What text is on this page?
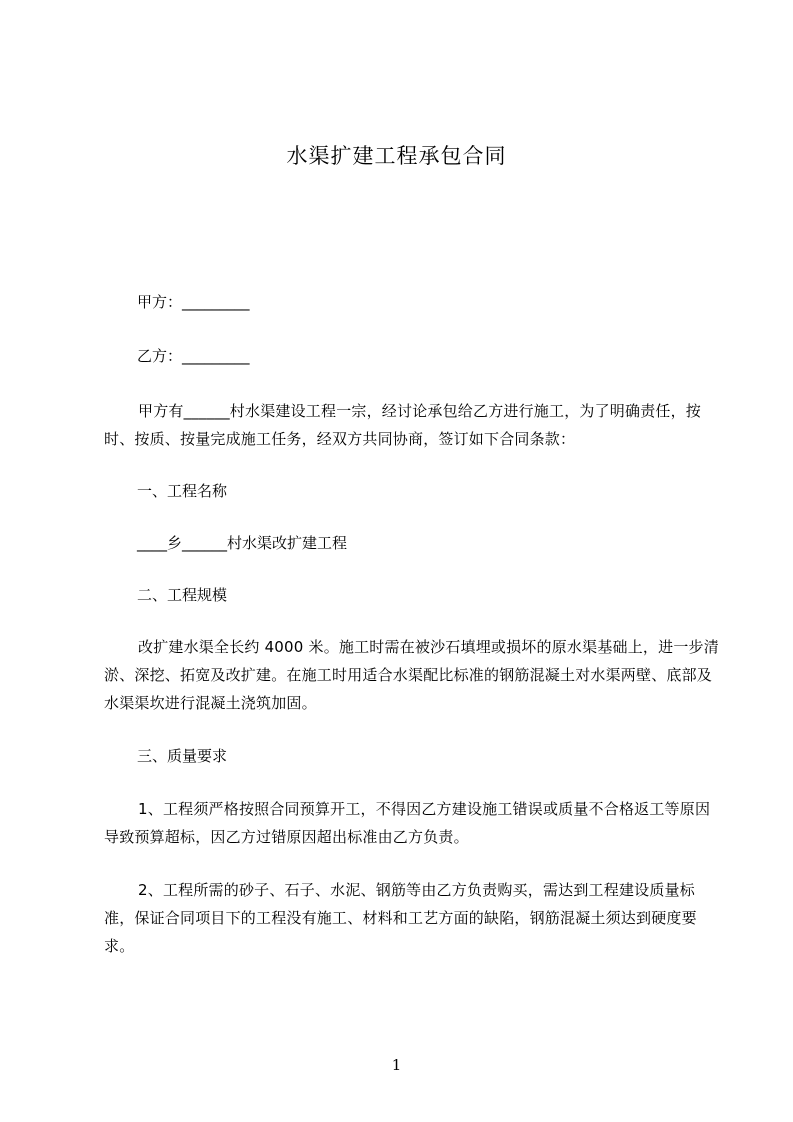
水渠扩建工程承包合同
甲方：_________
乙方：_________
甲方有______村水渠建设工程一宗，经讨论承包给乙方进行施工，为了明确责任，按时、按质、按量完成施工任务，经双方共同协商，签订如下合同条款：
一、工程名称
____乡______村水渠改扩建工程
二、工程规模
改扩建水渠全长约 4000 米。施工时需在被沙石填埋或损坏的原水渠基础上，进一步清淤、深挖、拓宽及改扩建。在施工时用适合水渠配比标准的钢筋混凝土对水渠两壁、底部及水渠渠坎进行混凝土浇筑加固。
三、质量要求
1、工程须严格按照合同预算开工，不得因乙方建设施工错误或质量不合格返工等原因导致预算超标，因乙方过错原因超出标准由乙方负责。
2、工程所需的砂子、石子、水泥、钢筋等由乙方负责购买，需达到工程建设质量标准，保证合同项目下的工程没有施工、材料和工艺方面的缺陷，钢筋混凝土须达到硬度要求。
1
